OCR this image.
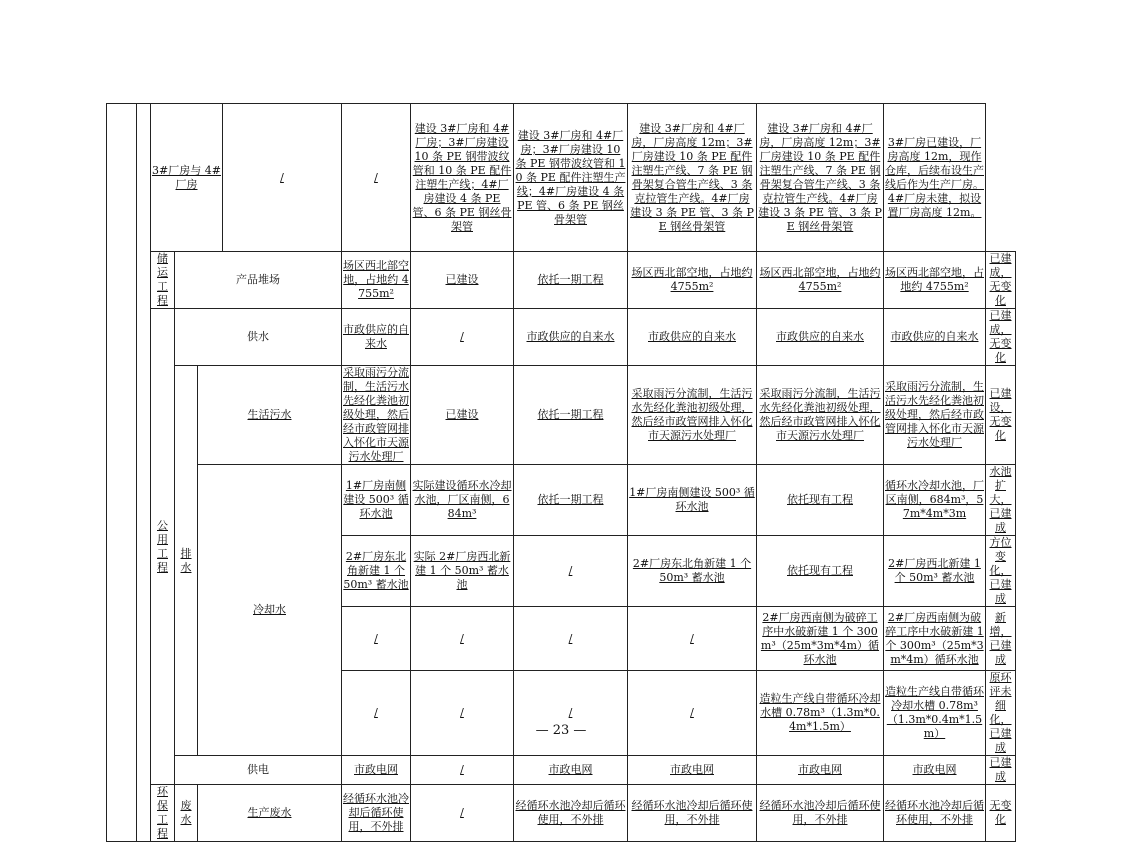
		3#厂房与 4#厂房			/	/	建设 3#厂房和 4#厂房；3#厂房建设 10 条 PE 钢带波纹管和 10 条 PE 配件注塑生产线；4#厂房建设 4 条 PE 管、6 条 PE 钢丝骨架管	建设 3#厂房和 4#厂房；3#厂房建设 10 条 PE 钢带波纹管和 10 条 PE 配件注塑生产线；4#厂房建设 4 条 PE 管、6 条 PE 钢丝骨架管	建设 3#厂房和 4#厂房，厂房高度 12m；3#厂房建设 10 条 PE 配件注塑生产线、7 条 PE 钢骨架复合管生产线、3 条克拉管生产线。4#厂房建设 3 条 PE 管、3 条 PE 钢丝骨架管	建设 3#厂房和 4#厂房，厂房高度 12m；3#厂房建设 10 条 PE 配件注塑生产线、7 条 PE 钢骨架复合管生产线、3 条克拉管生产线。4#厂房建设 3 条 PE 管、3 条 PE 钢丝骨架管	3#厂房已建设，厂房高度 12m，现作仓库，后续布设生产线后作为生产厂房。4#厂房未建，拟设置厂房高度 12m。	
		储运工程	产品堆场			场区西北部空地，占地约 4755m²	已建设	依托一期工程	场区西北部空地，占地约 4755m²	场区西北部空地，占地约 4755m²	场区西北部空地，占地约 4755m²	已建成，无变化
		公用工程	供水			市政供应的自来水	/	市政供应的自来水	市政供应的自来水	市政供应的自来水	市政供应的自来水	已建成，无变化
			排水	生活污水		采取雨污分流制，生活污水先经化粪池初级处理，然后经市政管网排入怀化市天源污水处理厂	已建设	依托一期工程	采取雨污分流制，生活污水先经化粪池初级处理，然后经市政管网排入怀化市天源污水处理厂	采取雨污分流制，生活污水先经化粪池初级处理，然后经市政管网排入怀化市天源污水处理厂	采取雨污分流制，生活污水先经化粪池初级处理，然后经市政管网排入怀化市天源污水处理厂	已建设，无变化
				冷却水		1#厂房南侧建设 500³ 循环水池	实际建设循环水冷却水池，厂区南侧，684m³	依托一期工程	1#厂房南侧建设 500³ 循环水池	依托现有工程	循环水冷却水池，厂区南侧，684m³，57m*4m*3m	水池扩大，已建成
						2#厂房东北角新建 1 个 50m³ 蓄水池	实际 2#厂房西北新建 1 个 50m³ 蓄水池	/	2#厂房东北角新建 1 个 50m³ 蓄水池	依托现有工程	2#厂房西北新建 1 个 50m³ 蓄水池	方位变化，已建成
						/	/	/	/	2#厂房西南侧为破碎工序中水破新建 1 个 300m³（25m*3m*4m）循环水池	2#厂房西南侧为破碎工序中水破新建 1 个 300m³（25m*3m*4m）循环水池	新增，已建成
						/	/	/	/	造粒生产线自带循环冷却水槽 0.78m³（1.3m*0.4m*1.5m）	造粒生产线自带循环冷却水槽 0.78m³（1.3m*0.4m*1.5m）	原环评未细化，已建成
			供电			市政电网	/	市政电网	市政电网	市政电网	市政电网	已建成
		环保工程	废水	生产废水		经循环水池冷却后循环使用，不外排	/	经循环水池冷却后循环使用，不外排	经循环水池冷却后循环使用，不外排	经循环水池冷却后循环使用，不外排	经循环水池冷却后循环使用，不外排	无变化
— 23 —
